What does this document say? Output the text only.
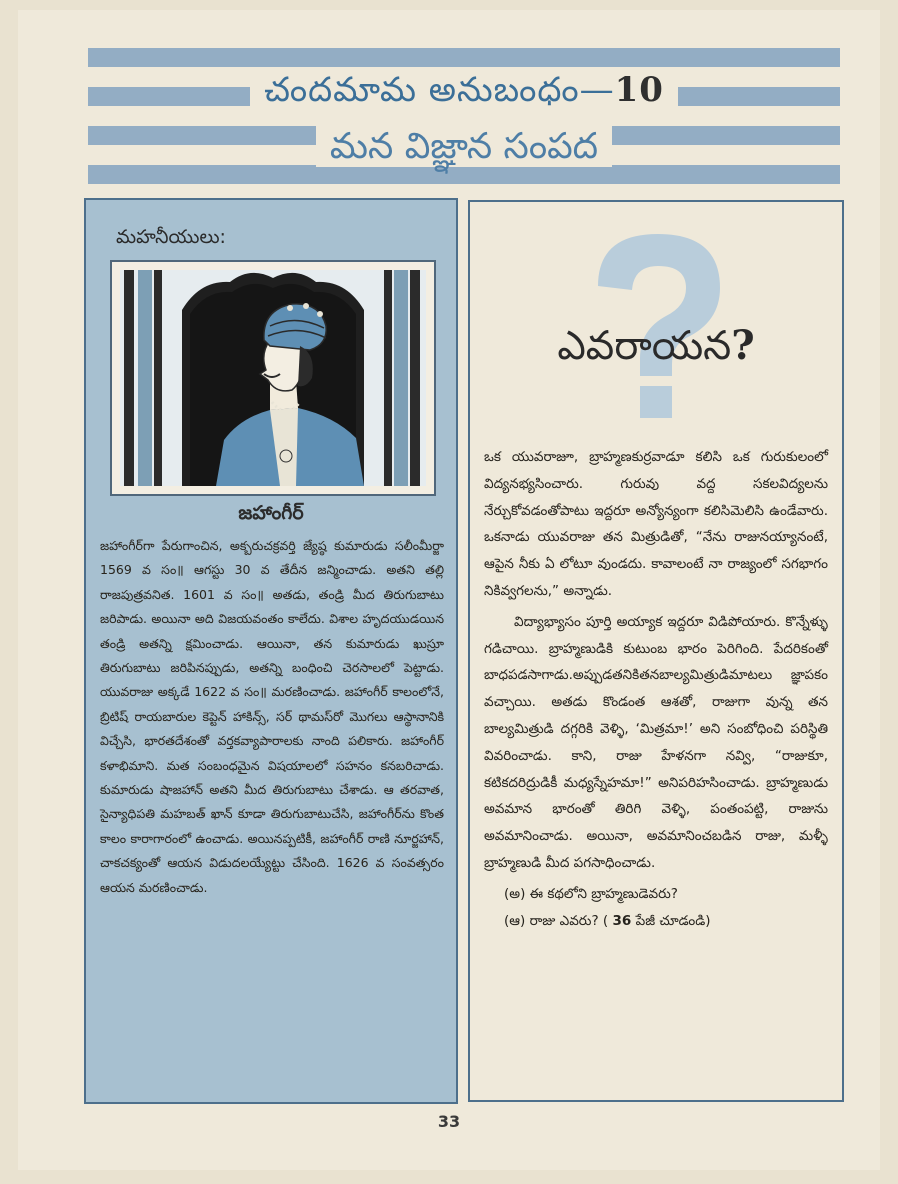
చందమామ అనుబంధం—10
మన విజ్ఞాన సంపద
మహనీయులు:
జహాంగీర్
జహాంగీర్‌గా పేరుగాంచిన, అక్బరుచక్రవర్తి జ్యేష్ఠ కుమారుడు సలీంమీర్జా 1569 వ సం॥ ఆగస్టు 30 వ తేదీన జన్మించాడు. అతని తల్లి రాజపుత్రవనిత. 1601 వ సం॥ అతడు, తండ్రి మీద తిరుగుబాటు జరిపాడు. అయినా అది విజయవంతం కాలేదు. విశాల హృదయుడయిన తండ్రి అతన్ని క్షమించాడు. ఆయినా, తన కుమారుడు ఖుస్రూ తిరుగుబాటు జరిపినప్పుడు, అతన్ని బంధించి చెరసాలలో పెట్టాడు. యువరాజు అక్కడే 1622 వ సం॥ మరణించాడు. జహాంగీర్ కాలంలోనే, బ్రిటిష్ రాయబారుల కెప్టెన్ హాకిన్స్, సర్ థామస్‌రో మొగలు ఆస్థానానికి విచ్చేసి, భారతదేశంతో వర్తకవ్యాపారాలకు నాంది పలికారు. జహాంగీర్ కళాభిమాని. మత సంబంధమైన విషయాలలో సహనం కనబరిచాడు. కుమారుడు షాజహాన్ అతని మీద తిరుగుబాటు చేశాడు. ఆ తరవాత, సైన్యాధిపతి మహబత్ ఖాన్ కూడా తిరుగుబాటుచేసి, జహాంగీర్‌ను కొంత కాలం కారాగారంలో ఉంచాడు. అయినప్పటికీ, జహాంగీర్ రాణి నూర్జహాన్, చాకచక్యంతో ఆయన విడుదలయ్యేట్టు చేసింది. 1626 వ సంవత్సరం ఆయన మరణించాడు.
ఎవరాయన?

ఒక యువరాజూ, బ్రాహ్మణకుర్రవాడూ కలిసి ఒక గురుకులంలో విద్యనభ్యసించారు. గురువు వద్ద సకలవిద్యలను నేర్చుకోవడంతోపాటు ఇద్దరూ అన్యోన్యంగా కలిసిమెలిసి ఉండేవారు. ఒకనాడు యువరాజు తన మిత్రుడితో, “నేను రాజునయ్యానంటే, ఆపైన నీకు ఏ లోటూ వుండదు. కావాలంటే నా రాజ్యంలో సగభాగం నికివ్వగలను,” అన్నాడు.

విద్యాభ్యాసం పూర్తి అయ్యాక ఇద్దరూ విడిపోయారు. కొన్నేళ్ళు గడిచాయి. బ్రాహ్మణుడికి కుటుంబ భారం పెరిగింది. పేదరికంతో బాధపడసాగాడు.అప్పుడతనికితనబాల్యమిత్రుడిమాటలు జ్ఞాపకం వచ్చాయి. అతడు కొండంత ఆశతో, రాజుగా వున్న తన బాల్యమిత్రుడి దగ్గరికి వెళ్ళి, ‘మిత్రమా!’ అని సంబోధించి పరిస్థితి వివరించాడు. కాని, రాజు హేళనగా నవ్వి, “రాజుకూ, కటికదరిద్రుడికీ మధ్యస్నేహమా!” అనిపరిహసించాడు. బ్రాహ్మణుడు అవమాన భారంతో తిరిగి వెళ్ళి, పంతంపట్టి, రాజును అవమానించాడు. అయినా, అవమానించబడిన రాజు, మళ్ళీ బ్రాహ్మణుడి మీద పగసాధించాడు.

(అ) ఈ కథలోని బ్రాహ్మణుడెవరు?
(ఆ) రాజు ఎవరు? ( 36 పేజీ చూడండి)
33
